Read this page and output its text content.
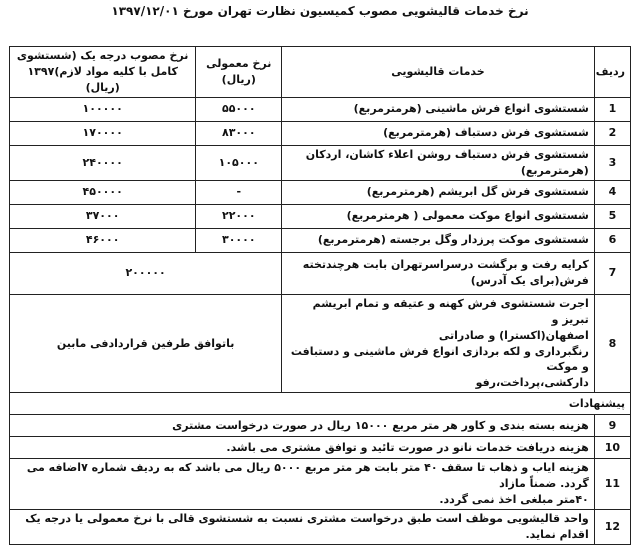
نرخ خدمات قالیشویی مصوب کمیسیون نظارت تهران مورخ ۱۳۹۷/۱۲/۰۱
ردیف	خدمات قالیشویی	نرخ معمولی (ریال)	نرخ مصوب درجه یک (شستشوی کامل با کلیه مواد لازم)۱۳۹۷ (ریال)
1	شستشوی انواع فرش ماشینی (هرمترمربع)	۵۵۰۰۰	۱۰۰۰۰۰
2	شستشوی فرش دستباف (هرمترمربع)	۸۳۰۰۰	۱۷۰۰۰۰
3	شستشوی فرش دستباف روشن اعلاء کاشان، اردکان (هرمترمربع)	۱۰۵۰۰۰	۲۴۰۰۰۰
4	شستشوی فرش گل ابریشم (هرمترمربع)	-	۴۵۰۰۰۰
5	شستشوی انواع موکت معمولی ( هرمترمربع)	۲۲۰۰۰	۳۷۰۰۰
6	شستشوی موکت پرزدار وگل برجسته (هرمترمربع)	۳۰۰۰۰	۴۶۰۰۰
7	کرایه رفت و برگشت درسراسرتهران بابت هرچندتخته فرش(برای یک آدرس)	۲۰۰۰۰۰	
8	اجرت شستشوی فرش کهنه و عتیقه و تمام ابریشم تبریز و
اصفهان(اکسترا) و صادراتی
رنگبرداری و لکه بردازی انواع فرش ماشینی و دستبافت و موکت
دارکشی،پرداخت،رفو	باتوافق طرفین قراردادفی مابین	
پیشنهادات			
9	هزینه بسته بندی و کاور هر متر مربع ۱۵۰۰۰ ریال در صورت درخواست مشتری		
10	هزینه دریافت خدمات نانو در صورت تائید و توافق مشتری می باشد.		
11	هزینه ایاب و ذهاب تا سقف ۴۰ متر بابت هر متر مربع ۵۰۰۰ ریال می باشد که به ردیف شماره ۷اضافه می گردد. ضمناً مازاد
۴۰متر مبلغی اخذ نمی گردد.		

12	واحد قالیشویی موظف است طبق درخواست مشتری نسبت به شستشوی قالی با نرخ معمولی یا درجه یک اقدام نماید.		
